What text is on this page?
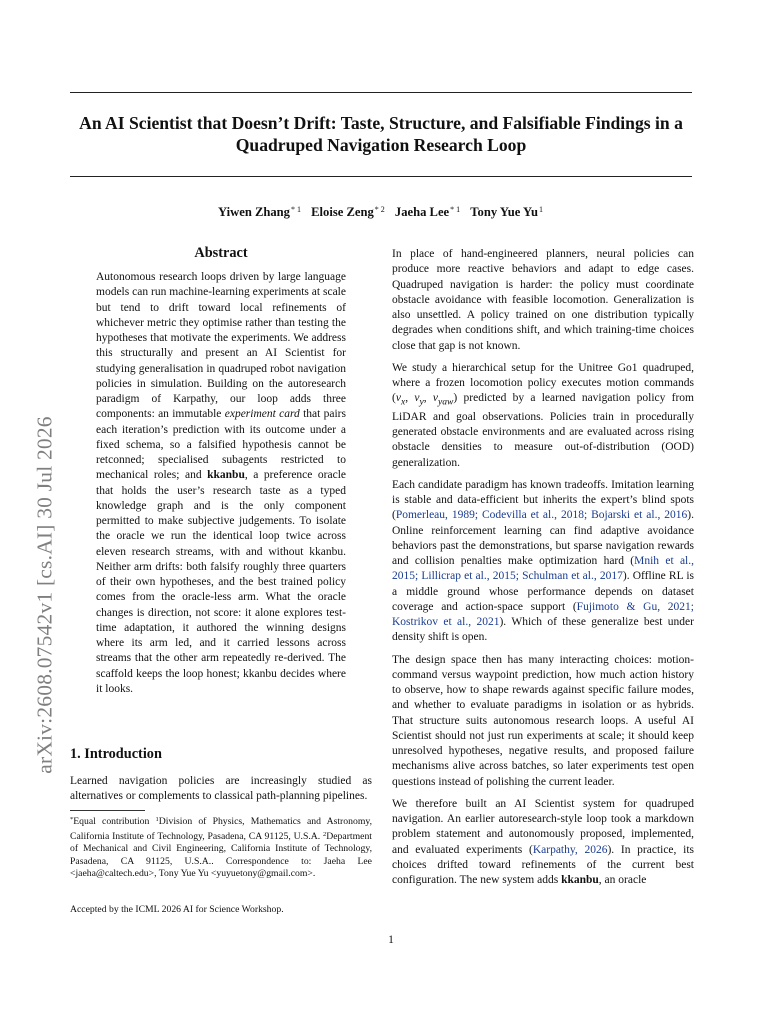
An AI Scientist that Doesn’t Drift: Taste, Structure, and Falsifiable Findings in a Quadruped Navigation Research Loop
Yiwen Zhang$^{* 1}$ Eloise Zeng$^{* 2}$ Jaeha Lee$^{* 1}$ Tony Yue Yu$^1$
arXiv:2608.07542v1 [cs.AI] 30 Jul 2026
Abstract
Autonomous research loops driven by large language models can run machine-learning experiments at scale but tend to drift toward local refinements of whichever metric they optimise rather than testing the hypotheses that motivate the experiments. We address this structurally and present an AI Scientist for studying generalisation in quadruped robot navigation policies in simulation. Building on the autoresearch paradigm of Karpathy, our loop adds three components: an immutable experiment card that pairs each iteration’s prediction with its outcome under a fixed schema, so a falsified hypothesis cannot be retconned; specialised subagents restricted to mechanical roles; and kkanbu, a preference oracle that holds the user’s research taste as a typed knowledge graph and is the only component permitted to make subjective judgements. To isolate the oracle we run the identical loop twice across eleven research streams, with and without kkanbu. Neither arm drifts: both falsify roughly three quarters of their own hypotheses, and the best trained policy comes from the oracle-less arm. What the oracle changes is direction, not score: it alone explores test-time adaptation, it authored the winning designs where its arm led, and it carried lessons across streams that the other arm repeatedly re-derived. The scaffold keeps the loop honest; kkanbu decides where it looks.
1. Introduction
Learned navigation policies are increasingly studied as alternatives or complements to classical path-planning pipelines.
*Equal contribution $^1$Division of Physics, Mathematics and Astronomy, California Institute of Technology, Pasadena, CA 91125, U.S.A. $^2$Department of Mechanical and Civil Engineering, California Institute of Technology, Pasadena, CA 91125, U.S.A.. Correspondence to: Jaeha Lee <jaeha@caltech.edu>, Tony Yue Yu <yuyuetony@gmail.com>.
Accepted by the ICML 2026 AI for Science Workshop.

In place of hand-engineered planners, neural policies can produce more reactive behaviors and adapt to edge cases. Quadruped navigation is harder: the policy must coordinate obstacle avoidance with feasible locomotion. Generalization is also unsettled. A policy trained on one distribution typically degrades when conditions shift, and which training-time choices close that gap is not known.

We study a hierarchical setup for the Unitree Go1 quadruped, where a frozen locomotion policy executes motion commands ($v_x$, $v_y$, $v_{yaw}$) predicted by a learned navigation policy from LiDAR and goal observations. Policies train in procedurally generated obstacle environments and are evaluated across rising obstacle densities to measure out-of-distribution (OOD) generalization.

Each candidate paradigm has known tradeoffs. Imitation learning is stable and data-efficient but inherits the expert’s blind spots (Pomerleau, 1989; Codevilla et al., 2018; Bojarski et al., 2016). Online reinforcement learning can find adaptive avoidance behaviors past the demonstrations, but sparse navigation rewards and collision penalties make optimization hard (Mnih et al., 2015; Lillicrap et al., 2015; Schulman et al., 2017). Offline RL is a middle ground whose performance depends on dataset coverage and action-space support (Fujimoto & Gu, 2021; Kostrikov et al., 2021). Which of these generalize best under density shift is open.

The design space then has many interacting choices: motion-command versus waypoint prediction, how much action history to observe, how to shape rewards against specific failure modes, and whether to evaluate paradigms in isolation or as hybrids. That structure suits autonomous research loops. A useful AI Scientist should not just run experiments at scale; it should keep unresolved hypotheses, negative results, and proposed failure mechanisms alive across batches, so later experiments test open questions instead of polishing the current leader.

We therefore built an AI Scientist system for quadruped navigation. An earlier autoresearch-style loop took a markdown problem statement and autonomously proposed, implemented, and evaluated experiments (Karpathy, 2026). In practice, its choices drifted toward refinements of the current best configuration. The new system adds kkanbu, an oracle

1
